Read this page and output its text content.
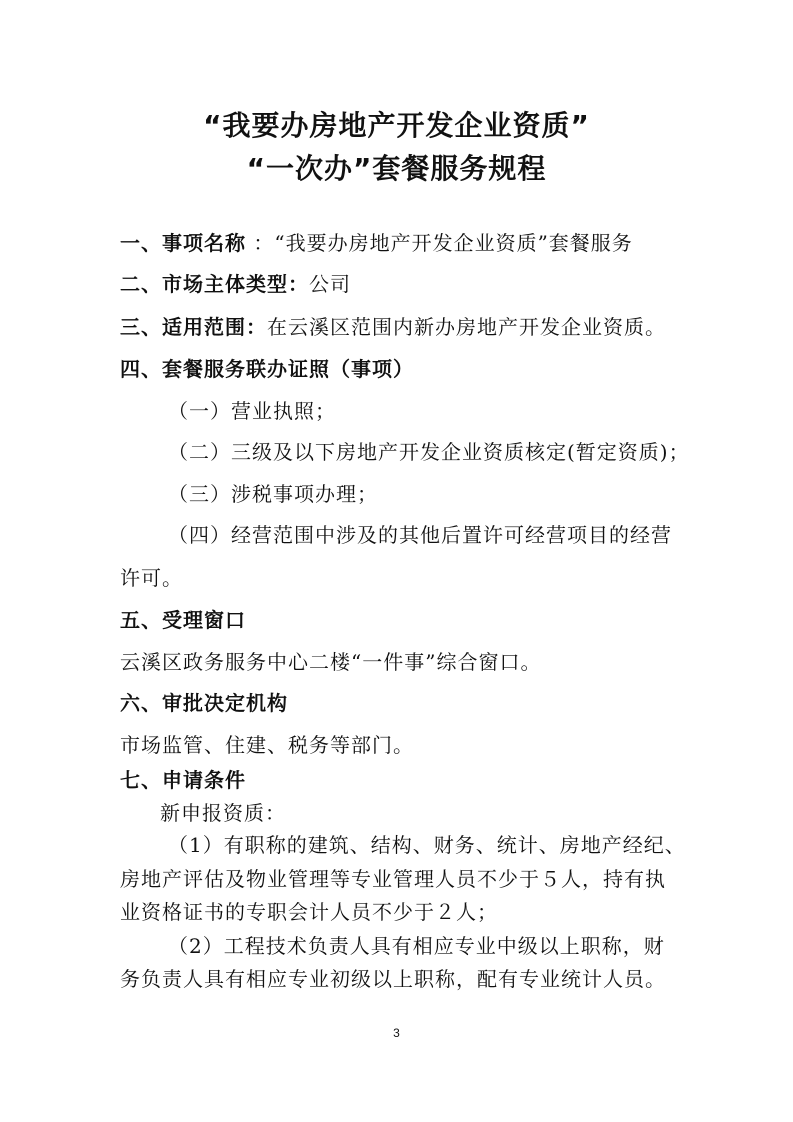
“我要办房地产开发企业资质”
“一次办”套餐服务规程
一、事项名称 ：“我要办房地产开发企业资质”套餐服务
二、市场主体类型：公司
三、适用范围：在云溪区范围内新办房地产开发企业资质。
四、套餐服务联办证照（事项）
（一）营业执照；
（二）三级及以下房地产开发企业资质核定(暂定资质)；
（三）涉税事项办理；
（四）经营范围中涉及的其他后置许可经营项目的经营
许可。
五、受理窗口
云溪区政务服务中心二楼“一件事”综合窗口。
六、审批决定机构
市场监管、住建、税务等部门。
七、申请条件
新申报资质：
（1）有职称的建筑、结构、财务、统计、房地产经纪、
房地产评估及物业管理等专业管理人员不少于５人，持有执
业资格证书的专职会计人员不少于２人；
（2）工程技术负责人具有相应专业中级以上职称，财
务负责人具有相应专业初级以上职称，配有专业统计人员。
3
